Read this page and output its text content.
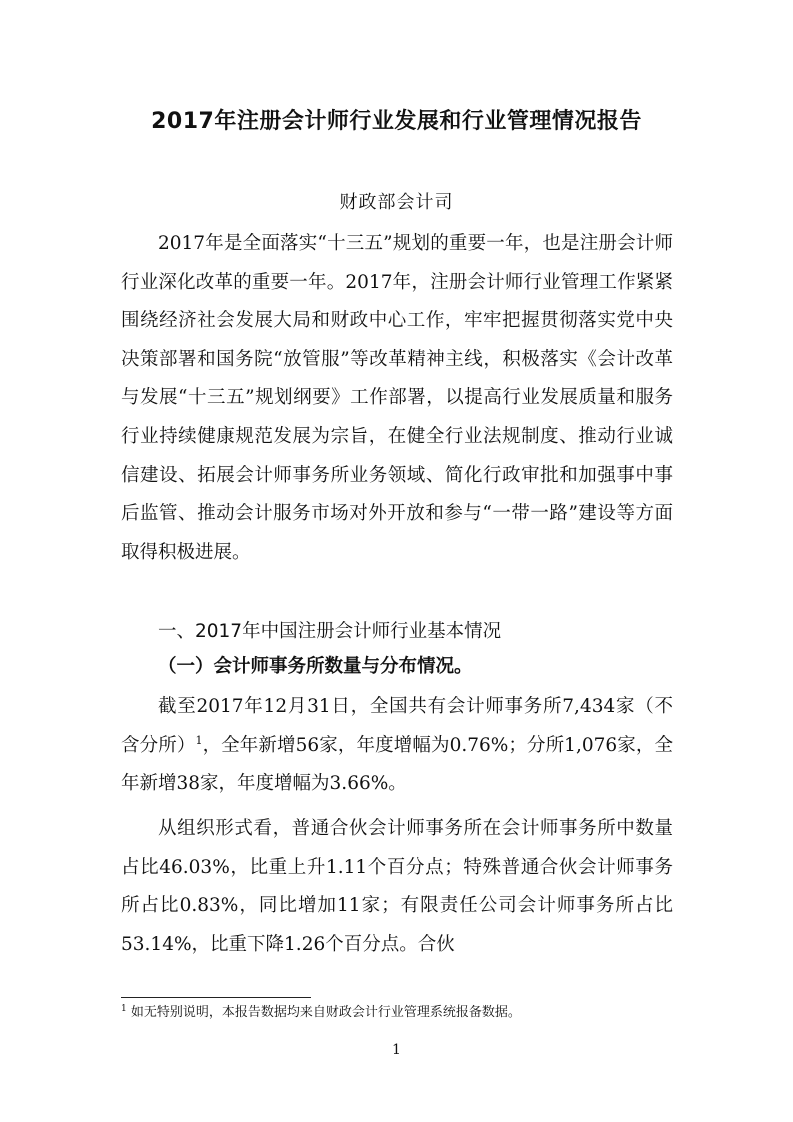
2017年注册会计师行业发展和行业管理情况报告
财政部会计司

2017年是全面落实“十三五”规划的重要一年，也是注册会计师行业深化改革的重要一年。2017年，注册会计师行业管理工作紧紧围绕经济社会发展大局和财政中心工作，牢牢把握贯彻落实党中央决策部署和国务院“放管服”等改革精神主线，积极落实《会计改革与发展“十三五”规划纲要》工作部署，以提高行业发展质量和服务行业持续健康规范发展为宗旨，在健全行业法规制度、推动行业诚信建设、拓展会计师事务所业务领域、简化行政审批和加强事中事后监管、推动会计服务市场对外开放和参与“一带一路”建设等方面取得积极进展。

一、2017年中国注册会计师行业基本情况
（一）会计师事务所数量与分布情况。

截至2017年12月31日，全国共有会计师事务所7,434家（不含分所）$^1$，全年新增56家，年度增幅为0.76%；分所1,076家，全年新增38家，年度增幅为3.66%。

从组织形式看，普通合伙会计师事务所在会计师事务所中数量占比46.03%，比重上升1.11个百分点；特殊普通合伙会计师事务所占比0.83%，同比增加11家；有限责任公司会计师事务所占比53.14%，比重下降1.26个百分点。合伙

$^1$ 如无特别说明，本报告数据均来自财政会计行业管理系统报备数据。
1
